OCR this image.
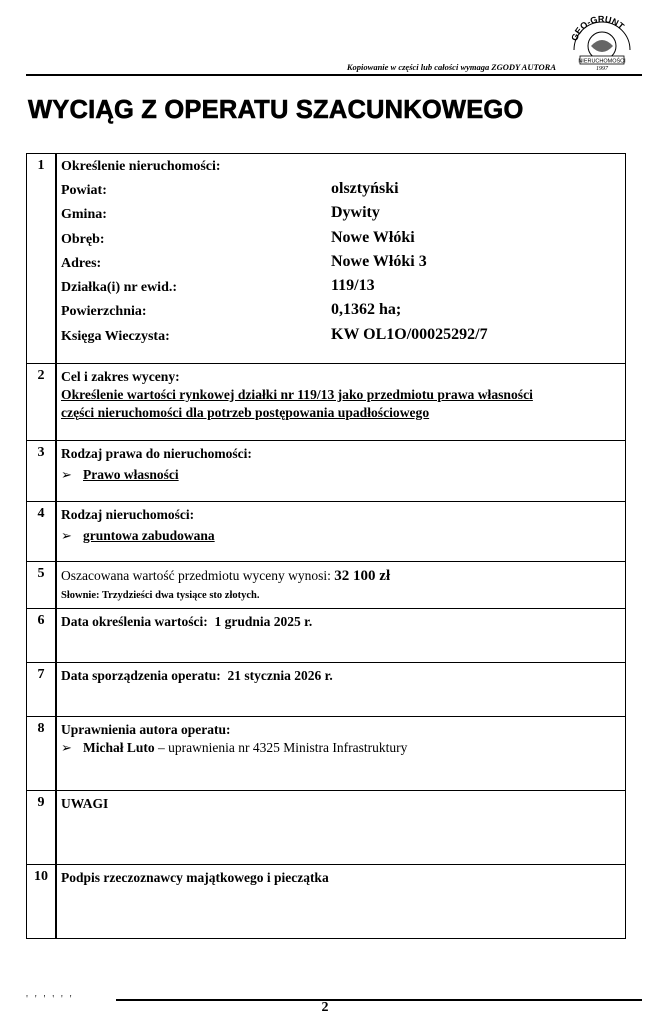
GEO-GRUNT
NIERUCHOMOŚCI
1997
Kopiowanie w części lub całości wymaga ZGODY AUTORA
WYCIĄG Z OPERATU SZACUNKOWEGO
1	Określenie nieruchomości:
Powiat:	olsztyński
Gmina:	Dywity
Obręb:	Nowe Włóki
Adres:	Nowe Włóki 3
Działka(i) nr ewid.:	119/13
Powierzchnia:	0,1362 ha;
Księga Wieczysta:	KW OL1O/00025292/7
2	Cel i zakres wyceny:
Określenie wartości rynkowej działki nr 119/13 jako przedmiotu prawa własności
części nieruchomości dla potrzeb postępowania upadłościowego
3	Rodzaj prawa do nieruchomości:
➢ Prawo własności
4	Rodzaj nieruchomości:
➢ gruntowa zabudowana
5	Oszacowana wartość przedmiotu wyceny wynosi: 32 100 zł
Słownie: Trzydzieści dwa tysiące sto złotych.
6	Data określenia wartości: 1 grudnia 2025 r.
7	Data sporządzenia operatu: 21 stycznia 2026 r.
8	Uprawnienia autora operatu:
➢ Michał Luto – uprawnienia nr 4325 Ministra Infrastruktury
9	UWAGI
10 Podpis rzeczoznawcy majątkowego i pieczątka
' ' ' ' ' '
2
